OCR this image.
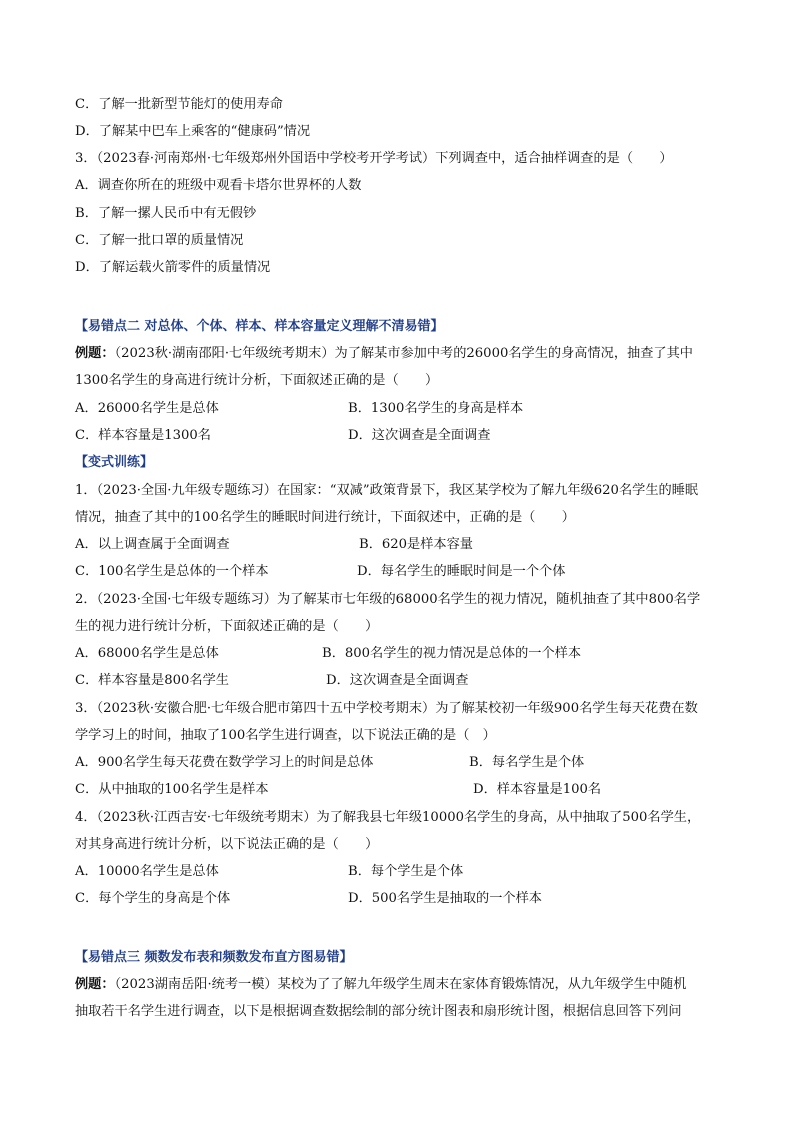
C．了解一批新型节能灯的使用寿命
D．了解某中巴车上乘客的“健康码”情况
3．（2023春·河南郑州·七年级郑州外国语中学校考开学考试）下列调查中，适合抽样调查的是（　　）
A．调查你所在的班级中观看卡塔尔世界杯的人数
B．了解一摞人民币中有无假钞
C．了解一批口罩的质量情况
D．了解运载火箭零件的质量情况
【易错点二 对总体、个体、样本、样本容量定义理解不清易错】
例题：（2023秋·湖南邵阳·七年级统考期末）为了解某市参加中考的26000名学生的身高情况，抽查了其中
1300名学生的身高进行统计分析，下面叙述正确的是（　　）
A．26000名学生是总体	B．1300名学生的身高是样本
C．样本容量是1300名	D．这次调查是全面调查
【变式训练】
1．（2023·全国·九年级专题练习）在国家：“双减”政策背景下，我区某学校为了解九年级620名学生的睡眠
情况，抽查了其中的100名学生的睡眠时间进行统计，下面叙述中，正确的是（　　）
A．以上调查属于全面调查	B．620是样本容量
C．100名学生是总体的一个样本	D．每名学生的睡眠时间是一个个体
2．（2023·全国·七年级专题练习）为了解某市七年级的68000名学生的视力情况，随机抽查了其中800名学
生的视力进行统计分析，下面叙述正确的是（　　）
A．68000名学生是总体	B．800名学生的视力情况是总体的一个样本
C．样本容量是800名学生	D．这次调查是全面调查
3．（2023秋·安徽合肥·七年级合肥市第四十五中学校考期末）为了解某校初一年级900名学生每天花费在数
学学习上的时间，抽取了100名学生进行调查，以下说法正确的是（　）
A．900名学生每天花费在数学学习上的时间是总体	B．每名学生是个体
C．从中抽取的100名学生是样本	D．样本容量是100名
4．（2023秋·江西吉安·七年级统考期末）为了解我县七年级10000名学生的身高，从中抽取了500名学生，
对其身高进行统计分析，以下说法正确的是（　　）
A．10000名学生是总体	B．每个学生是个体
C．每个学生的身高是个体	D．500名学生是抽取的一个样本
【易错点三 频数发布表和频数发布直方图易错】
例题：（2023湖南岳阳·统考一模）某校为了了解九年级学生周末在家体育锻炼情况，从九年级学生中随机
抽取若干名学生进行调查，以下是根据调查数据绘制的部分统计图表和扇形统计图，根据信息回答下列问
